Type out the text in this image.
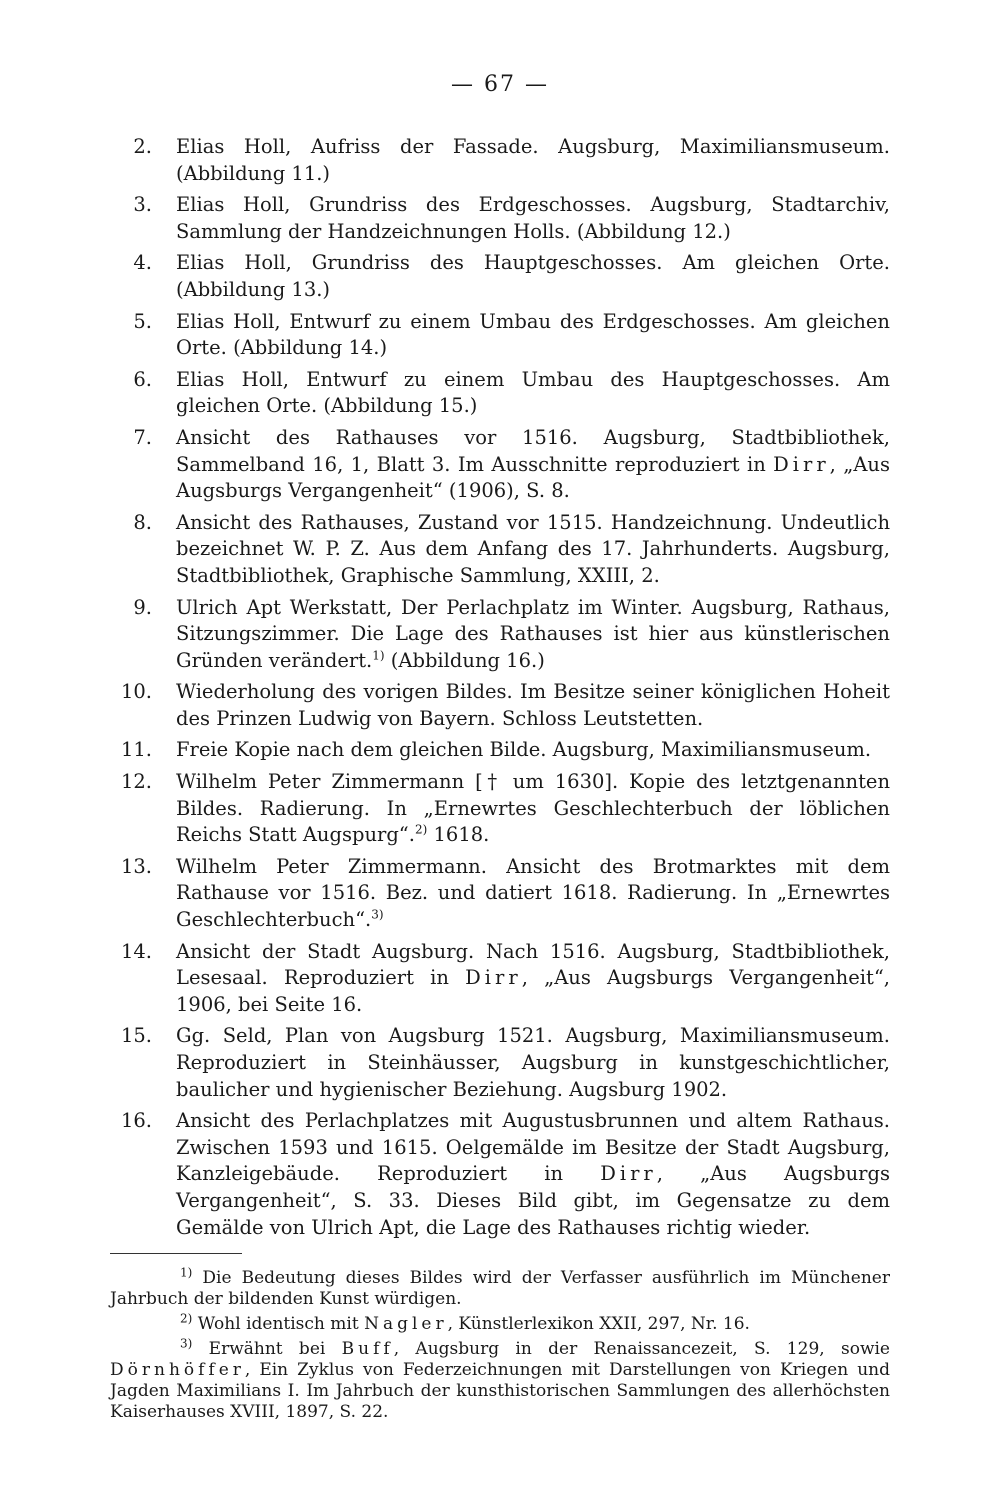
— 67 —
2. Elias Holl, Aufriss der Fassade. Augsburg, Maximiliansmuseum. (Abbildung 11.)
3. Elias Holl, Grundriss des Erdgeschosses. Augsburg, Stadtarchiv, Sammlung der Handzeichnungen Holls. (Abbildung 12.)
4. Elias Holl, Grundriss des Hauptgeschosses. Am gleichen Orte. (Abbildung 13.)
5. Elias Holl, Entwurf zu einem Umbau des Erdgeschosses. Am gleichen Orte. (Abbildung 14.)
6. Elias Holl, Entwurf zu einem Umbau des Hauptgeschosses. Am gleichen Orte. (Abbildung 15.)
7. Ansicht des Rathauses vor 1516. Augsburg, Stadtbibliothek, Sammelband 16, 1, Blatt 3. Im Ausschnitte reproduziert in Dirr, „Aus Augsburgs Vergangenheit“ (1906), S. 8.
8. Ansicht des Rathauses, Zustand vor 1515. Handzeichnung. Undeutlich bezeichnet W. P. Z. Aus dem Anfang des 17. Jahrhunderts. Augsburg, Stadtbibliothek, Graphische Sammlung, XXIII, 2.
9. Ulrich Apt Werkstatt, Der Perlachplatz im Winter. Augsburg, Rathaus, Sitzungszimmer. Die Lage des Rathauses ist hier aus künstlerischen Gründen verändert.$^{1)}$ (Abbildung 16.)
10. Wiederholung des vorigen Bildes. Im Besitze seiner königlichen Hoheit des Prinzen Ludwig von Bayern. Schloss Leutstetten.
11. Freie Kopie nach dem gleichen Bilde. Augsburg, Maximiliansmuseum.
12. Wilhelm Peter Zimmermann [† um 1630]. Kopie des letztgenannten Bildes. Radierung. In „Ernewrtes Geschlechterbuch der löblichen Reichs Statt Augspurg“.$^{2)}$ 1618.
13. Wilhelm Peter Zimmermann. Ansicht des Brotmarktes mit dem Rathause vor 1516. Bez. und datiert 1618. Radierung. In „Ernewrtes Geschlechterbuch“.$^{3)}$
14. Ansicht der Stadt Augsburg. Nach 1516. Augsburg, Stadtbibliothek, Lesesaal. Reproduziert in Dirr, „Aus Augsburgs Vergangenheit“, 1906, bei Seite 16.
15. Gg. Seld, Plan von Augsburg 1521. Augsburg, Maximiliansmuseum. Reproduziert in Steinhäusser, Augsburg in kunstgeschichtlicher, baulicher und hygienischer Beziehung. Augsburg 1902.
16. Ansicht des Perlachplatzes mit Augustusbrunnen und altem Rathaus. Zwischen 1593 und 1615. Oelgemälde im Besitze der Stadt Augsburg, Kanzleigebäude. Reproduziert in Dirr, „Aus Augsburgs Vergangenheit“, S. 33. Dieses Bild gibt, im Gegensatze zu dem Gemälde von Ulrich Apt, die Lage des Rathauses richtig wieder.

$^{1)}$ Die Bedeutung dieses Bildes wird der Verfasser ausführlich im Münchener Jahrbuch der bildenden Kunst würdigen.

$^{2)}$ Wohl identisch mit Nagler, Künstlerlexikon XXII, 297, Nr. 16.

$^{3)}$ Erwähnt bei Buff, Augsburg in der Renaissancezeit, S. 129, sowie Dörnhöffer, Ein Zyklus von Federzeichnungen mit Darstellungen von Kriegen und Jagden Maximilians I. Im Jahrbuch der kunsthistorischen Sammlungen des allerhöchsten Kaiserhauses XVIII, 1897, S. 22.
